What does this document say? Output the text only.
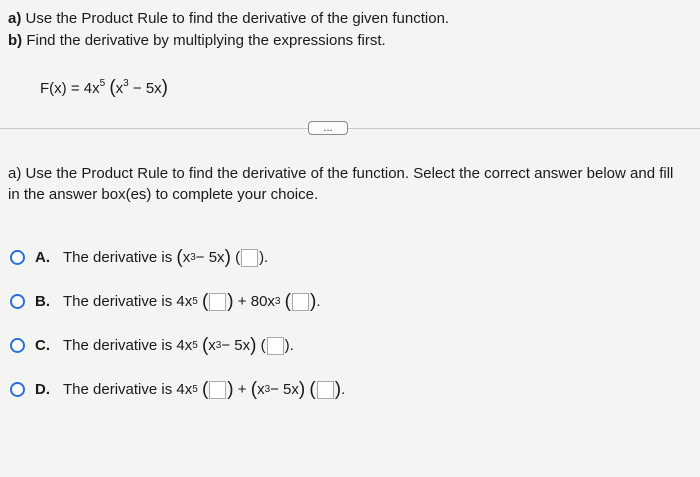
a) Use the Product Rule to find the derivative of the given function.
b) Find the derivative by multiplying the expressions first.
$F(x) = 4x^5$ $(x^3 - 5x)$
...
a) Use the Product Rule to find the derivative of the function. Select the correct answer below and fill in the answer box(es) to complete your choice.
A. The derivative is
( x 3 − 5x )
( ).
B. The derivative is 4x 5
( )
+ 80x 3
( ) .
C. The derivative is 4x 5
( x 3 − 5x )
( ).
D. The derivative is 4x 5
( )
+
( x 3 − 5x )
( ) .
